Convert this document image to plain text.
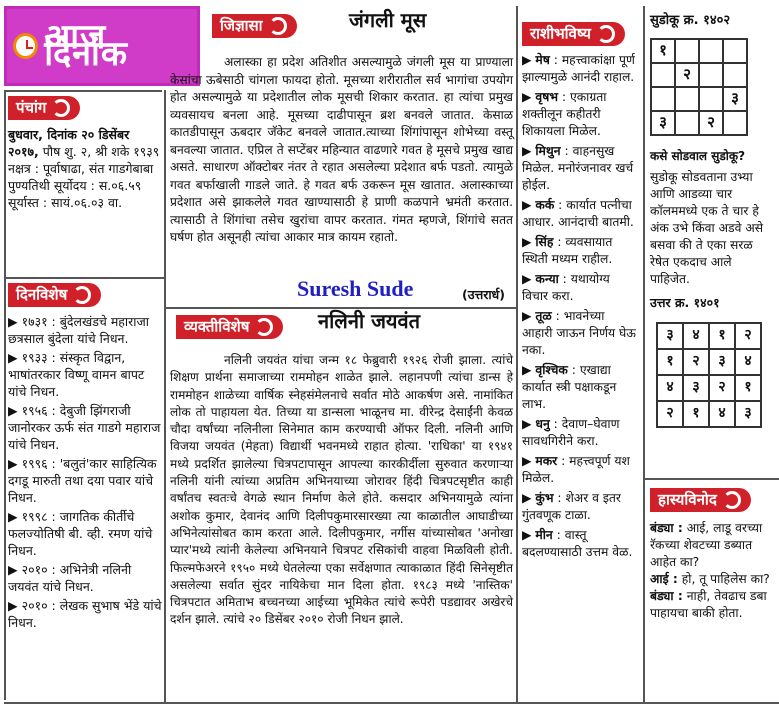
आज दिनांक
पंचांग
बुधवार, दिनांक २० डिसेंबर २०१७, पौष शु. २, श्री शके १९३९ नक्षत्र : पूर्वाषाढा, संत गाडगेबाबा पुण्यतिथी सूर्योदय : स.०६.५९ सूर्यास्त : सायं.०६.०३ वा.
दिनविशेष
▶ १७३१ : बुंदेलखंडचे महाराजा छत्रसाल बुंदेला यांचे निधन.
▶ १९३३ : संस्कृत विद्वान, भाषांतरकार विष्णू वामन बापट यांचे निधन.
▶ १९५६ : देबुजी झिंगराजी जानोरकर ऊर्फ संत गाडगे महाराज यांचे निधन.
▶ १९९६ : 'बलुतं'कार साहित्यिक दगडू मारुती तथा दया पवार यांचे निधन.
▶ १९९८ : जागतिक कीर्तीचे फलज्योतिषी बी. व्ही. रमण यांचे निधन.
▶ २०१० : अभिनेत्री नलिनी जयवंत यांचे निधन.
▶ २०१० : लेखक सुभाष भेंडे यांचे निधन.
जिज्ञासा	जंगली मूस
अलास्का हा प्रदेश अतिशीत असल्यामुळे जंगली मूस या प्राण्याला केसांचा ऊबेसाठी चांगला फायदा होतो. मूसच्या शरीरातील सर्व भागांचा उपयोग होत असल्यामुळे या प्रदेशातील लोक मूसची शिकार करतात. हा त्यांचा प्रमुख व्यवसायच बनला आहे. मूसच्या दाढीपासून ब्रश बनवले जातात. केसाळ कातडीपासून ऊबदार जॅकेट बनवले जातात.त्याच्या शिंगांपासून शोभेच्या वस्तू बनवल्या जातात. एप्रिल ते सप्टेंबर महिन्यात वाढणारे गवत हे मूसचे प्रमुख खाद्य असते. साधारण ऑक्टोबर नंतर ते रहात असलेल्या प्रदेशात बर्फ पडतो. त्यामुळे गवत बर्फाखाली गाडले जाते. हे गवत बर्फ उकरून मूस खातात. अलास्काच्या प्रदेशात असे झाकलेले गवत खाण्यासाठी हे प्राणी कळपाने भ्रमंती करतात. त्यासाठी ते शिंगांचा तसेच खुरांचा वापर करतात. गंमत म्हणजे, शिंगांचे सतत घर्षण होत असूनही त्यांचा आकार मात्र कायम रहातो.
Suresh Sude	(उत्तरार्ध)
व्यक्तीविशेष	नलिनी जयवंत
नलिनी जयवंत यांचा जन्म १८ फेब्रुवारी १९२६ रोजी झाला. त्यांचे शिक्षण प्रार्थना समाजाच्या राममोहन शाळेत झाले. लहानपणी त्यांचा डान्स हे राममोहन शाळेच्या वार्षिक स्नेहसंमेलनाचे सर्वात मोठे आकर्षण असे. नामांकित लोक तो पाहायला येत. तिच्या या डान्सला भाळूनच मा. वीरेन्द्र देसाईंनी केवळ चौदा वर्षांच्या नलिनीला सिनेमात काम करण्याची ऑफर दिली. नलिनी आणि विजया जयवंत (मेहता) विद्यार्थी भवनमध्ये राहात होत्या. 'राधिका' या १९४१ मध्ये प्रदर्शित झालेल्या चित्रपटापासून आपल्या कारकीर्दीला सुरुवात करणाऱ्या नलिनी यांनी त्यांच्या अप्रतिम अभिनयाच्या जोरावर हिंदी चित्रपटसृष्टीत काही वर्षांतच स्वतःचे वेगळे स्थान निर्माण केले होते. कसदार अभिनयामुळे त्यांना अशोक कुमार, देवानंद आणि दिलीपकुमारसारख्या त्या काळातील आघाडीच्या अभिनेत्यांसोबत काम करता आले. दिलीपकुमार, नर्गीस यांच्यासोबत 'अनोखा प्यार'मध्ये त्यांनी केलेल्या अभिनयाने चित्रपट रसिकांची वाहवा मिळविली होती. फिल्मफेअरने १९५० मध्ये घेतलेल्या एका सर्वेक्षणात त्याकाळात हिंदी सिनेसृष्टीत असलेल्या सर्वात सुंदर नायिकेचा मान दिला होता. १९८३ मध्ये 'नास्तिक' चित्रपटात अमिताभ बच्चनच्या आईच्या भूमिकेत त्यांचे रूपेरी पडद्यावर अखेरचे दर्शन झाले. त्यांचे २० डिसेंबर २०१० रोजी निधन झाले.
राशीभविष्य
▶ मेष : महत्त्वाकांक्षा पूर्ण झाल्यामुळे आनंदी राहाल.
▶ वृषभ : एकाग्रता शक्तीलून कहीतरी शिकायला मिळेल.
▶ मिथुन : वाहनसुख मिळेल. मनोरंजनावर खर्च होईल.
▶ कर्क : कार्यात पत्नीचा आधार. आनंदाची बातमी.
▶ सिंह : व्यवसायात स्थिती मध्यम राहील.
▶ कन्या : यथायोग्य विचार करा.
▶ तूळ : भावनेच्या आहारी जाऊन निर्णय घेऊ नका.
▶ वृश्चिक : एखाद्या कार्यात स्त्री पक्षाकडून लाभ.
▶ धनु : देवाण–घेवाण सावधगिरीने करा.
▶ मकर : महत्त्वपूर्ण यश मिळेल.
▶ कुंभ : शेअर व इतर गुंतवणूक टाळा.
▶ मीन : वास्तू बदलण्यासाठी उत्तम वेळ.
सुडोकू क्र. १४०२
१			
	२		
			३
३		२	
कसे सोडवाल सुडोकू?
सुडोकू सोडवताना उभ्या आणि आडव्या चार कॉलममध्ये एक ते चार हे अंक उभे किंवा अडवे असे बसवा की ते एका सरळ रेषेत एकदाच आले पाहिजेत.
उत्तर क्र. १४०१
३	४	१	२
१	२	३	४
४	३	२	१
२	१	४	३
हास्यविनोद
बंड्या : आई, लाडू वरच्या रॅकच्या शेवटच्या डब्यात आहेत का?
आई : हो, तू पाहिलेस का?
बंड्या : नाही, तेवढाच डबा पाहायचा बाकी होता.
